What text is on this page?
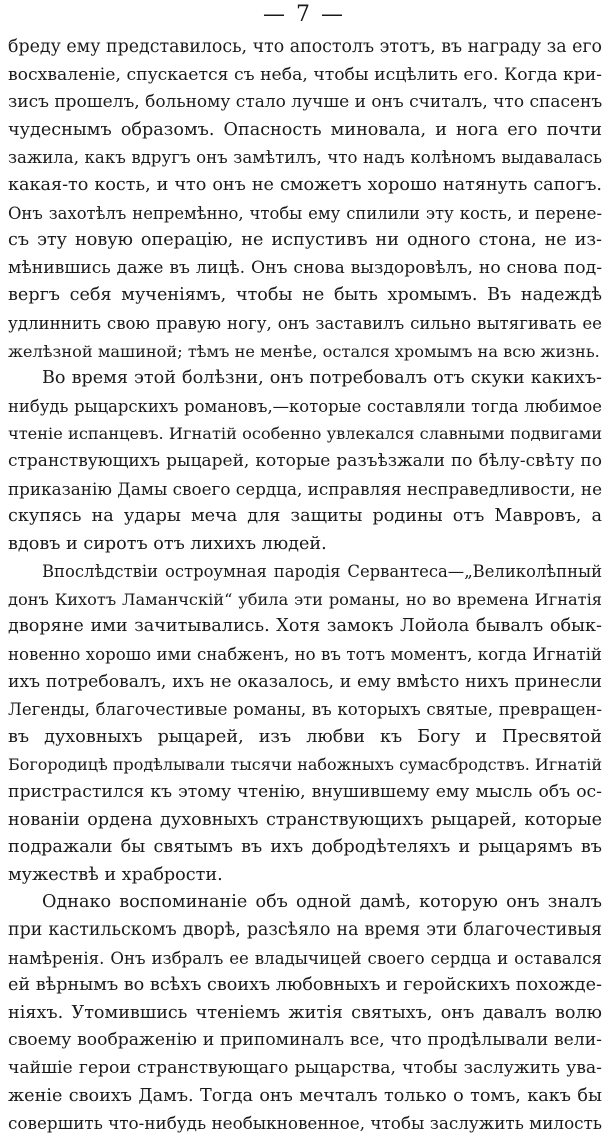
— 7 —
бреду ему представилось, что апостолъ этотъ, въ награду за его
восхваленіе, спускается съ неба, чтобы исцѣлить его. Когда кри-
зисъ прошелъ, больному стало лучше и онъ считалъ, что спасенъ
чудеснымъ образомъ. Опасность миновала, и нога его почти
зажила, какъ вдругъ онъ замѣтилъ, что надъ колѣномъ выдавалась
какая-то кость, и что онъ не сможетъ хорошо натянуть сапогъ.
Онъ захотѣлъ непремѣнно, чтобы ему спилили эту кость, и перене-
съ эту новую операцію, не испустивъ ни одного стона, не из-
мѣнившись даже въ лицѣ. Онъ снова выздоровѣлъ, но снова под-
вергъ себя мученіямъ, чтобы не быть хромымъ. Въ надеждѣ
удлиннить свою правую ногу, онъ заставилъ сильно вытягивать ее
желѣзной машиной; тѣмъ не менѣе, остался хромымъ на всю жизнь.
Во время этой болѣзни, онъ потребовалъ отъ скуки какихъ-
нибудь рыцарскихъ романовъ,—которые составляли тогда любимое
чтеніе испанцевъ. Игнатій особенно увлекался славными подвигами
странствующихъ рыцарей, которые разъѣзжали по бѣлу-свѣту по
приказанію Дамы своего сердца, исправляя несправедливости, не
скупясь на удары меча для защиты родины отъ Мавровъ, а
вдовъ и сиротъ отъ лихихъ людей.
Впослѣдствіи остроумная пародія Сервантеса—„Великолѣпный
донъ Кихотъ Ламанчскій“ убила эти романы, но во времена Игнатія
дворяне ими зачитывались. Хотя замокъ Лойола бывалъ обык-
новенно хорошо ими снабженъ, но въ тотъ моментъ, когда Игнатій
ихъ потребовалъ, ихъ не оказалось, и ему вмѣсто нихъ принесли
Легенды, благочестивые романы, въ которыхъ святые, превращен-
въ духовныхъ рыцарей, изъ любви къ Богу и Пресвятой
Богородицѣ продѣлывали тысячи набожныхъ сумасбродствъ. Игнатій
пристрастился къ этому чтенію, внушившему ему мысль объ ос-
нованіи ордена духовныхъ странствующихъ рыцарей, которые
подражали бы святымъ въ ихъ добродѣтеляхъ и рыцарямъ въ
мужествѣ и храбрости.
Однако воспоминаніе объ одной дамѣ, которую онъ зналъ
при кастильскомъ дворѣ, разсѣяло на время эти благочестивыя
намѣренія. Онъ избралъ ее владычицей своего сердца и оставался
ей вѣрнымъ во всѣхъ своихъ любовныхъ и геройскихъ похожде-
ніяхъ. Утомившись чтеніемъ житія святыхъ, онъ давалъ волю
своему воображенію и припоминалъ все, что продѣлывали вели-
чайшіе герои странствующаго рыцарства, чтобы заслужить ува-
женіе своихъ Дамъ. Тогда онъ мечталъ только о томъ, какъ бы
совершить что-нибудь необыкновенное, чтобы заслужить милость
